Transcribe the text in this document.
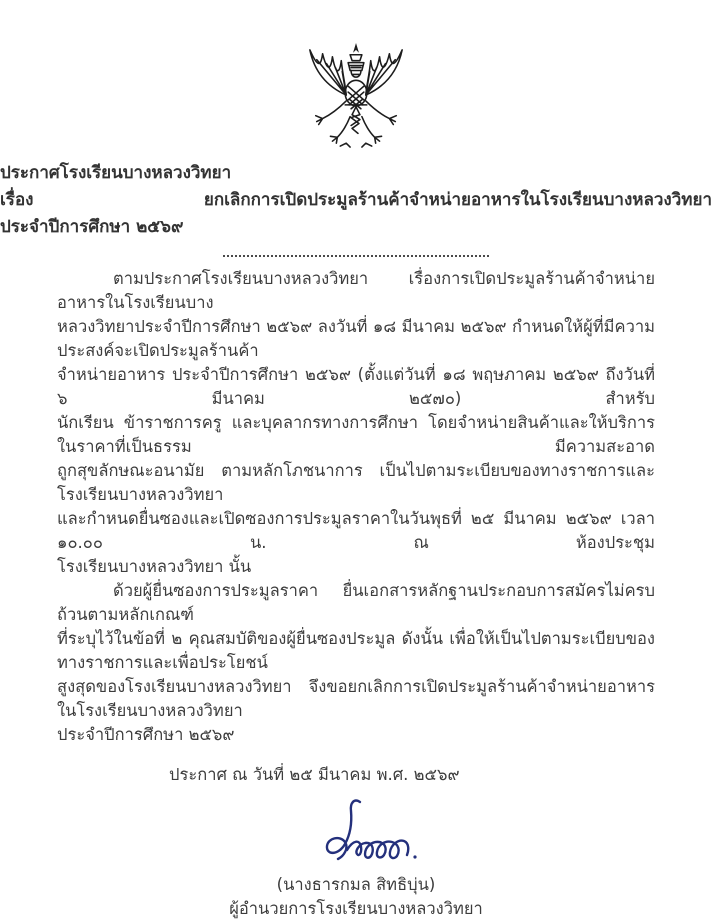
ประกาศโรงเรียนบางหลวงวิทยา
เรื่อง ยกเลิกการเปิดประมูลร้านค้าจำหน่ายอาหารในโรงเรียนบางหลวงวิทยา
ประจำปีการศึกษา ๒๕๖๙
ตามประกาศโรงเรียนบางหลวงวิทยา เรื่องการเปิดประมูลร้านค้าจำหน่ายอาหารในโรงเรียนบาง
หลวงวิทยาประจำปีการศึกษา ๒๕๖๙ ลงวันที่ ๑๘ มีนาคม ๒๕๖๙ กำหนดให้ผู้ที่มีความประสงค์จะเปิดประมูลร้านค้า
จำหน่ายอาหาร ประจำปีการศึกษา ๒๕๖๙ (ตั้งแต่วันที่ ๑๘ พฤษภาคม ๒๕๖๙ ถึงวันที่ ๖ มีนาคม ๒๕๗๐) สำหรับ
นักเรียน ข้าราชการครู และบุคลากรทางการศึกษา โดยจำหน่ายสินค้าและให้บริการในราคาที่เป็นธรรม มีความสะอาด
ถูกสุขลักษณะอนามัย ตามหลักโภชนาการ เป็นไปตามระเบียบของทางราชการและโรงเรียนบางหลวงวิทยา
และกำหนดยื่นซองและเปิดซองการประมูลราคาในวันพุธที่ ๒๕ มีนาคม ๒๕๖๙ เวลา ๑๐.๐๐ น. ณ ห้องประชุม
โรงเรียนบางหลวงวิทยา นั้น
ด้วยผู้ยื่นซองการประมูลราคา ยื่นเอกสารหลักฐานประกอบการสมัครไม่ครบถ้วนตามหลักเกณฑ์
ที่ระบุไว้ในข้อที่ ๒ คุณสมบัติของผู้ยื่นซองประมูล ดังนั้น เพื่อให้เป็นไปตามระเบียบของทางราชการและเพื่อประโยชน์
สูงสุดของโรงเรียนบางหลวงวิทยา จึงขอยกเลิกการเปิดประมูลร้านค้าจำหน่ายอาหารในโรงเรียนบางหลวงวิทยา
ประจำปีการศึกษา ๒๕๖๙
ประกาศ ณ วันที่ ๒๕ มีนาคม พ.ศ. ๒๕๖๙
(นางธารกมล สิทธิบุ่น)
ผู้อำนวยการโรงเรียนบางหลวงวิทยา
